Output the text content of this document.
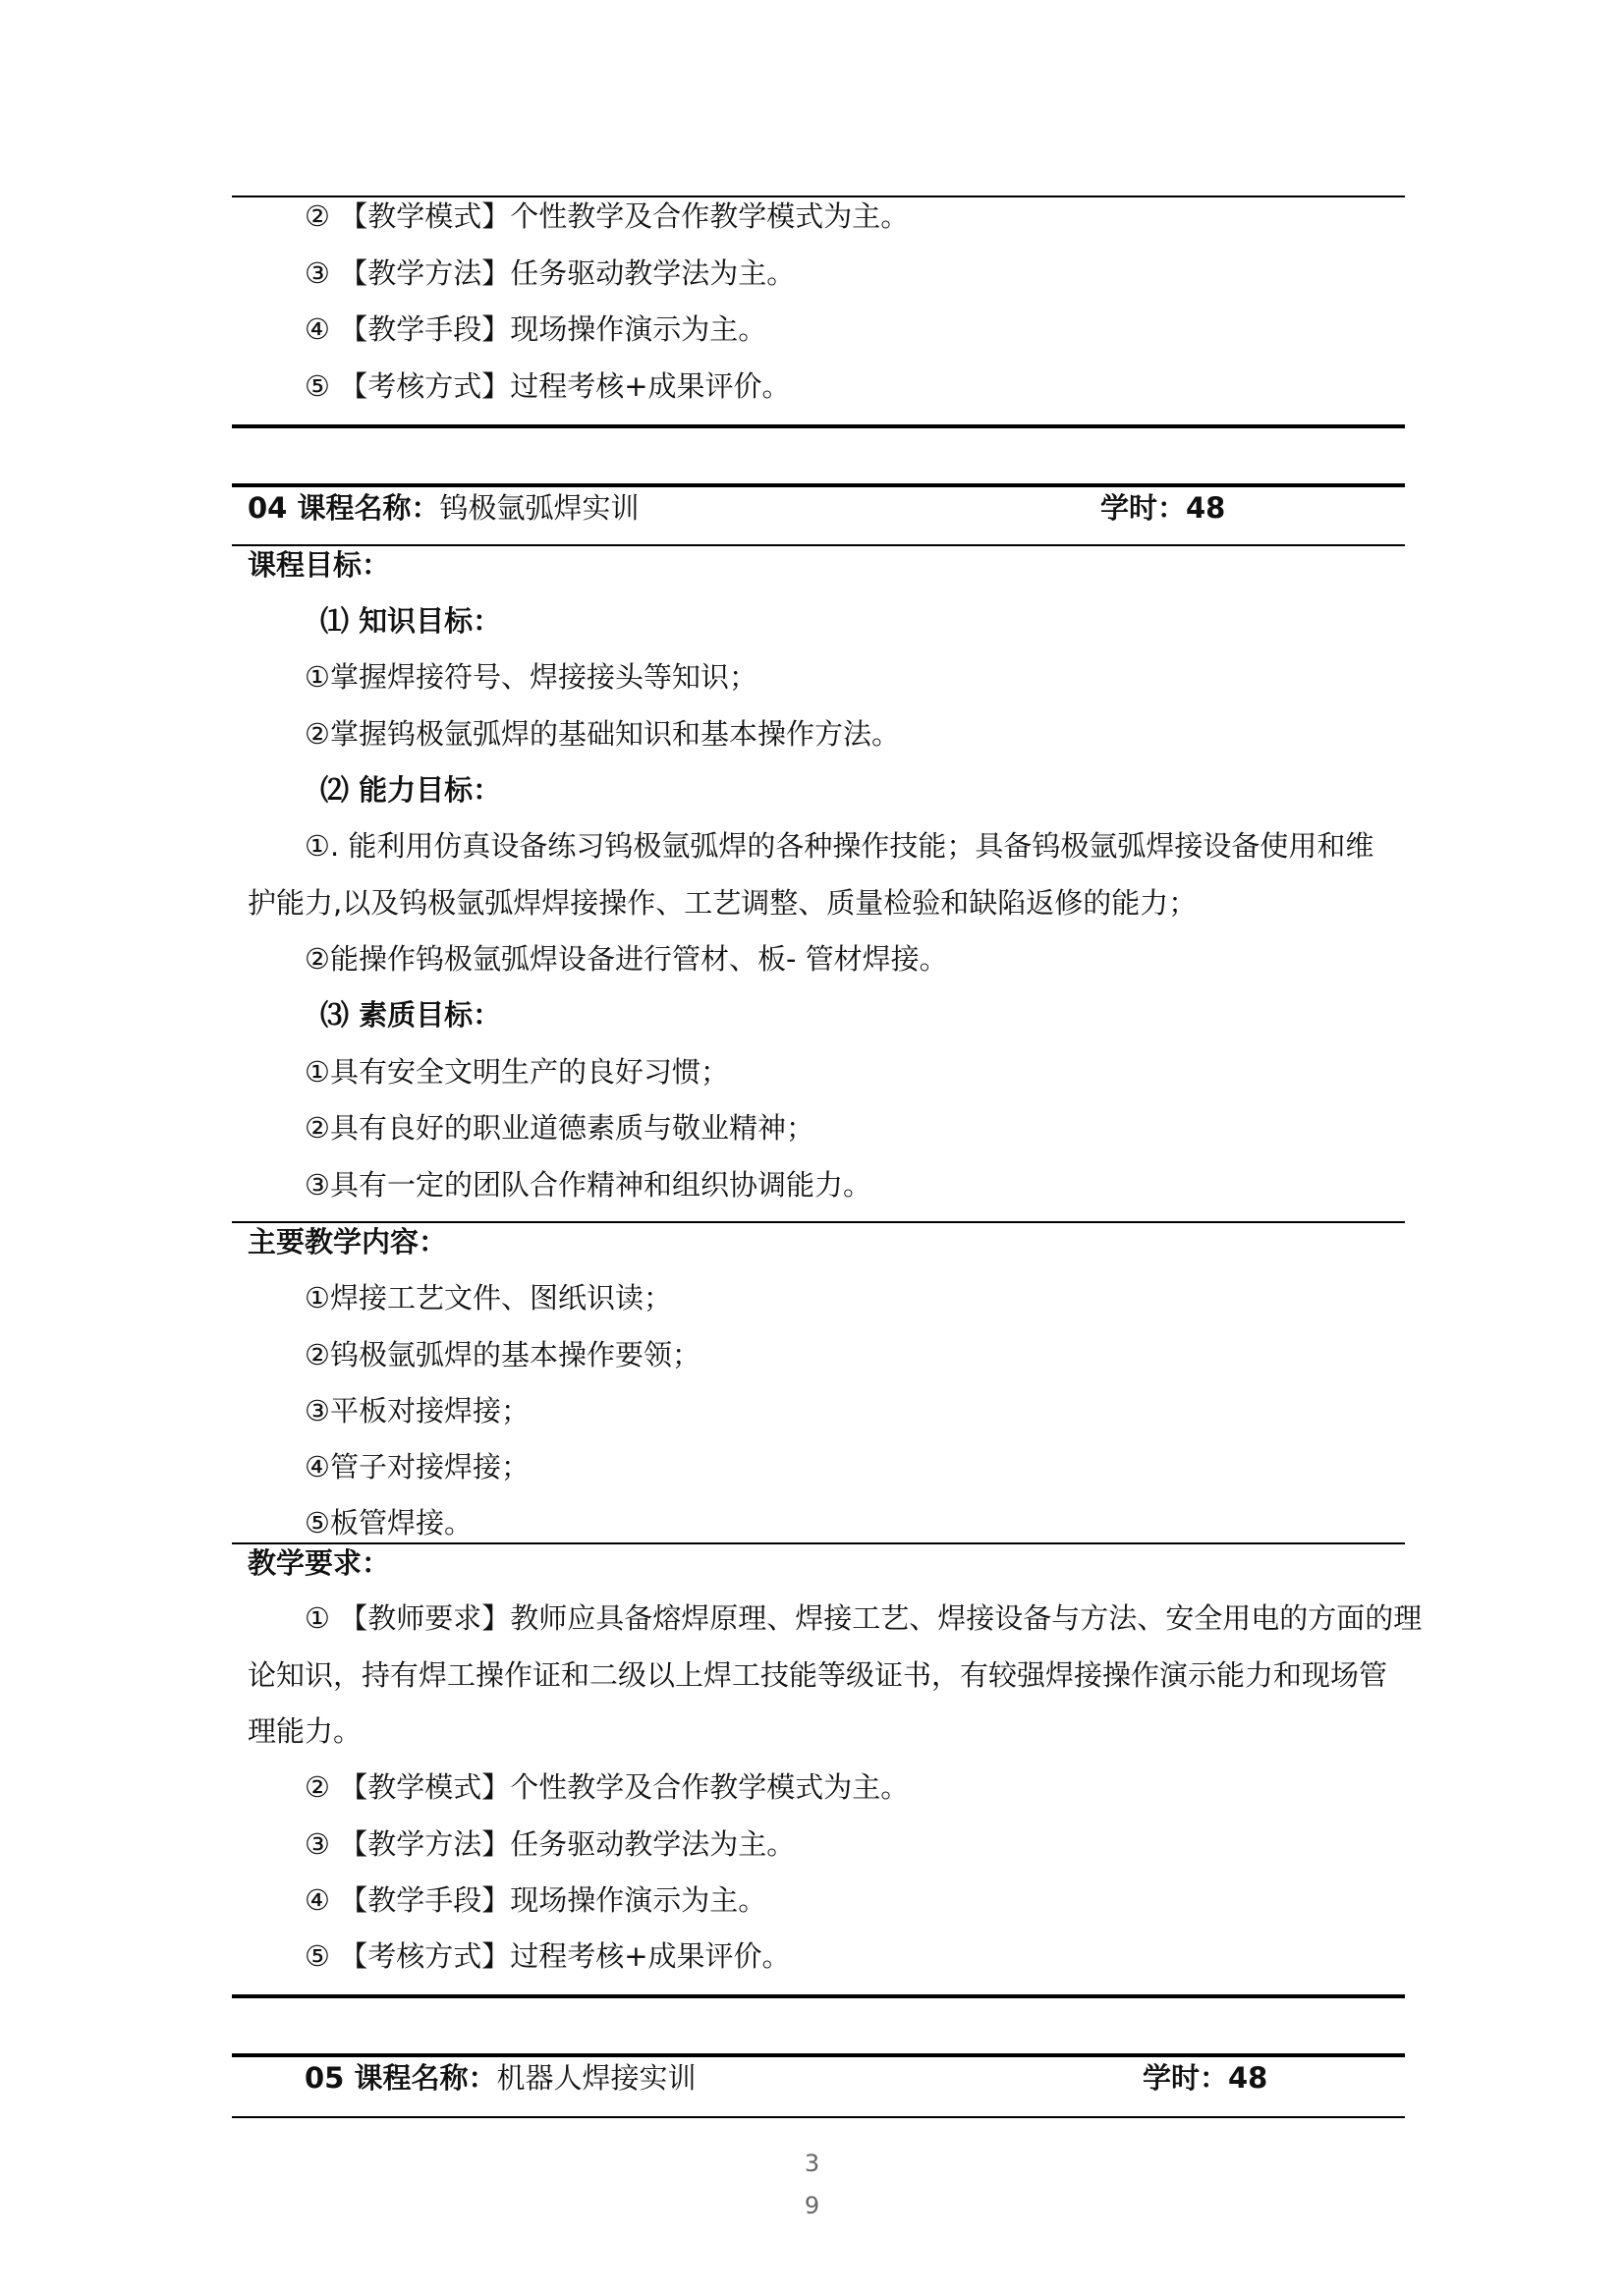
② 【教学模式】个性教学及合作教学模式为主。
③ 【教学方法】任务驱动教学法为主。
④ 【教学手段】现场操作演示为主。
⑤ 【考核方式】过程考核+成果评价。
04 课程名称：钨极氩弧焊实训	学时：48
课程目标：
⑴ 知识目标：
①掌握焊接符号、焊接接头等知识；
②掌握钨极氩弧焊的基础知识和基本操作方法。
⑵ 能力目标：
①. 能利用仿真设备练习钨极氩弧焊的各种操作技能；具备钨极氩弧焊接设备使用和维
护能力,以及钨极氩弧焊焊接操作、工艺调整、质量检验和缺陷返修的能力；
②能操作钨极氩弧焊设备进行管材、板- 管材焊接。
⑶ 素质目标：
①具有安全文明生产的良好习惯；
②具有良好的职业道德素质与敬业精神；
③具有一定的团队合作精神和组织协调能力。
主要教学内容：
①焊接工艺文件、图纸识读；
②钨极氩弧焊的基本操作要领；
③平板对接焊接；
④管子对接焊接；
⑤板管焊接。
教学要求：
① 【教师要求】教师应具备熔焊原理、焊接工艺、焊接设备与方法、安全用电的方面的理
论知识，持有焊工操作证和二级以上焊工技能等级证书，有较强焊接操作演示能力和现场管
理能力。
② 【教学模式】个性教学及合作教学模式为主。
③ 【教学方法】任务驱动教学法为主。
④ 【教学手段】现场操作演示为主。
⑤ 【考核方式】过程考核+成果评价。
05 课程名称：机器人焊接实训	学时：48
3
9
